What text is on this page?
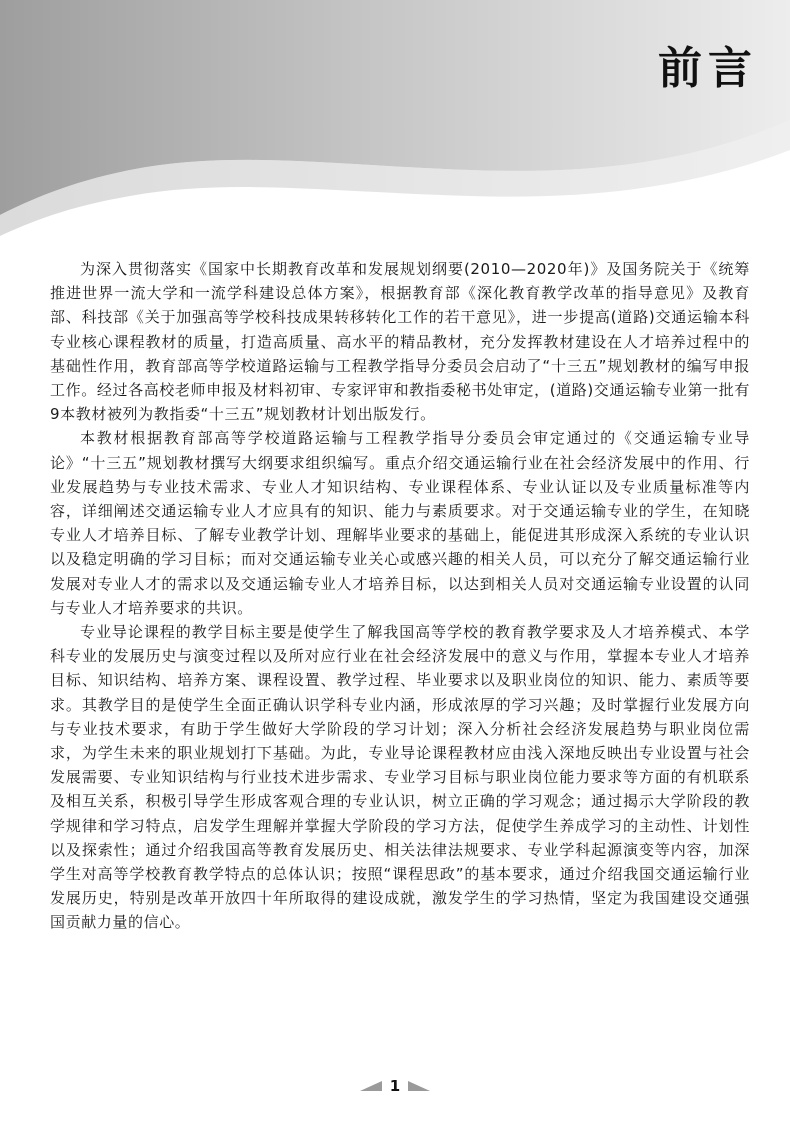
前言

为深入贯彻落实《国家中长期教育改革和发展规划纲要(2010—2020年)》及国务院关于《统筹推进世界一流大学和一流学科建设总体方案》，根据教育部《深化教育教学改革的指导意见》及教育部、科技部《关于加强高等学校科技成果转移转化工作的若干意见》，进一步提高(道路)交通运输本科专业核心课程教材的质量，打造高质量、高水平的精品教材，充分发挥教材建设在人才培养过程中的基础性作用，教育部高等学校道路运输与工程教学指导分委员会启动了“十三五”规划教材的编写申报工作。经过各高校老师申报及材料初审、专家评审和教指委秘书处审定，(道路)交通运输专业第一批有9本教材被列为教指委“十三五”规划教材计划出版发行。

本教材根据教育部高等学校道路运输与工程教学指导分委员会审定通过的《交通运输专业导论》“十三五”规划教材撰写大纲要求组织编写。重点介绍交通运输行业在社会经济发展中的作用、行业发展趋势与专业技术需求、专业人才知识结构、专业课程体系、专业认证以及专业质量标准等内容，详细阐述交通运输专业人才应具有的知识、能力与素质要求。对于交通运输专业的学生，在知晓专业人才培养目标、了解专业教学计划、理解毕业要求的基础上，能促进其形成深入系统的专业认识以及稳定明确的学习目标；而对交通运输专业关心或感兴趣的相关人员，可以充分了解交通运输行业发展对专业人才的需求以及交通运输专业人才培养目标，以达到相关人员对交通运输专业设置的认同与专业人才培养要求的共识。

专业导论课程的教学目标主要是使学生了解我国高等学校的教育教学要求及人才培养模式、本学科专业的发展历史与演变过程以及所对应行业在社会经济发展中的意义与作用，掌握本专业人才培养目标、知识结构、培养方案、课程设置、教学过程、毕业要求以及职业岗位的知识、能力、素质等要求。其教学目的是使学生全面正确认识学科专业内涵，形成浓厚的学习兴趣；及时掌握行业发展方向与专业技术要求，有助于学生做好大学阶段的学习计划；深入分析社会经济发展趋势与职业岗位需求，为学生未来的职业规划打下基础。为此，专业导论课程教材应由浅入深地反映出专业设置与社会发展需要、专业知识结构与行业技术进步需求、专业学习目标与职业岗位能力要求等方面的有机联系及相互关系，积极引导学生形成客观合理的专业认识，树立正确的学习观念；通过揭示大学阶段的教学规律和学习特点，启发学生理解并掌握大学阶段的学习方法，促使学生养成学习的主动性、计划性以及探索性；通过介绍我国高等教育发展历史、相关法律法规要求、专业学科起源演变等内容，加深学生对高等学校教育教学特点的总体认识；按照“课程思政”的基本要求，通过介绍我国交通运输行业发展历史，特别是改革开放四十年所取得的建设成就，激发学生的学习热情，坚定为我国建设交通强国贡献力量的信心。

1
